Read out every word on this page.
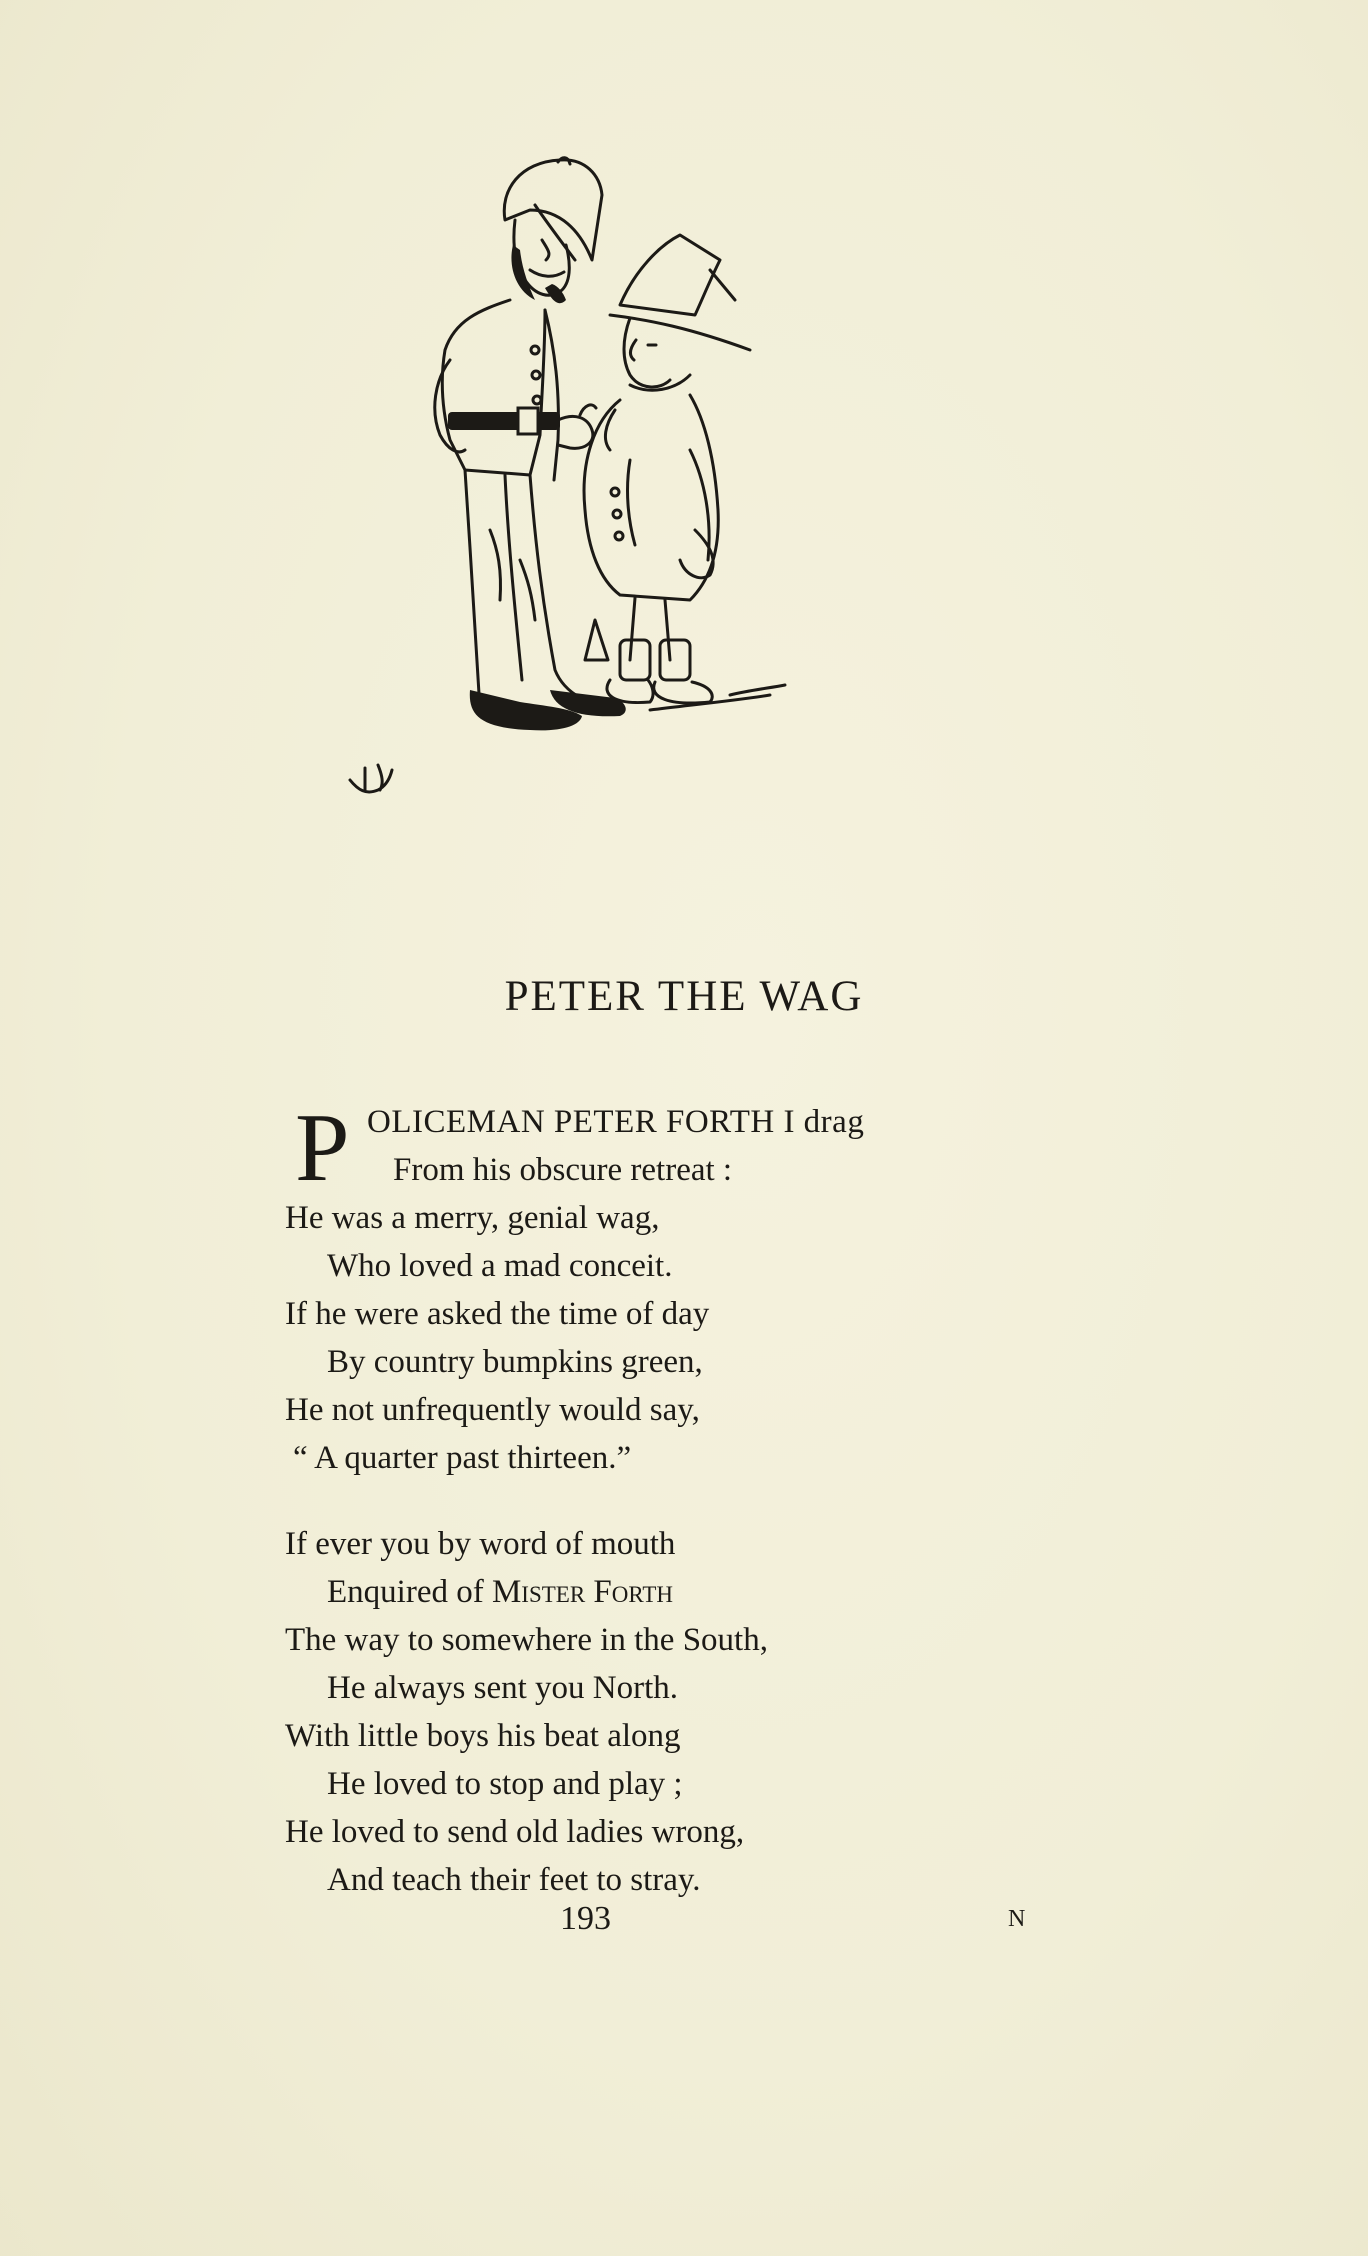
PETER THE WAG
P OLICEMAN PETER FORTH I drag
From his obscure retreat :
He was a merry, genial wag,
Who loved a mad conceit.
If he were asked the time of day
By country bumpkins green,
He not unfrequently would say,
“ A quarter past thirteen.”
If ever you by word of mouth
Enquired of Mister Forth
The way to somewhere in the South,
He always sent you North.
With little boys his beat along
He loved to stop and play ;
He loved to send old ladies wrong,
And teach their feet to stray.
193	N
